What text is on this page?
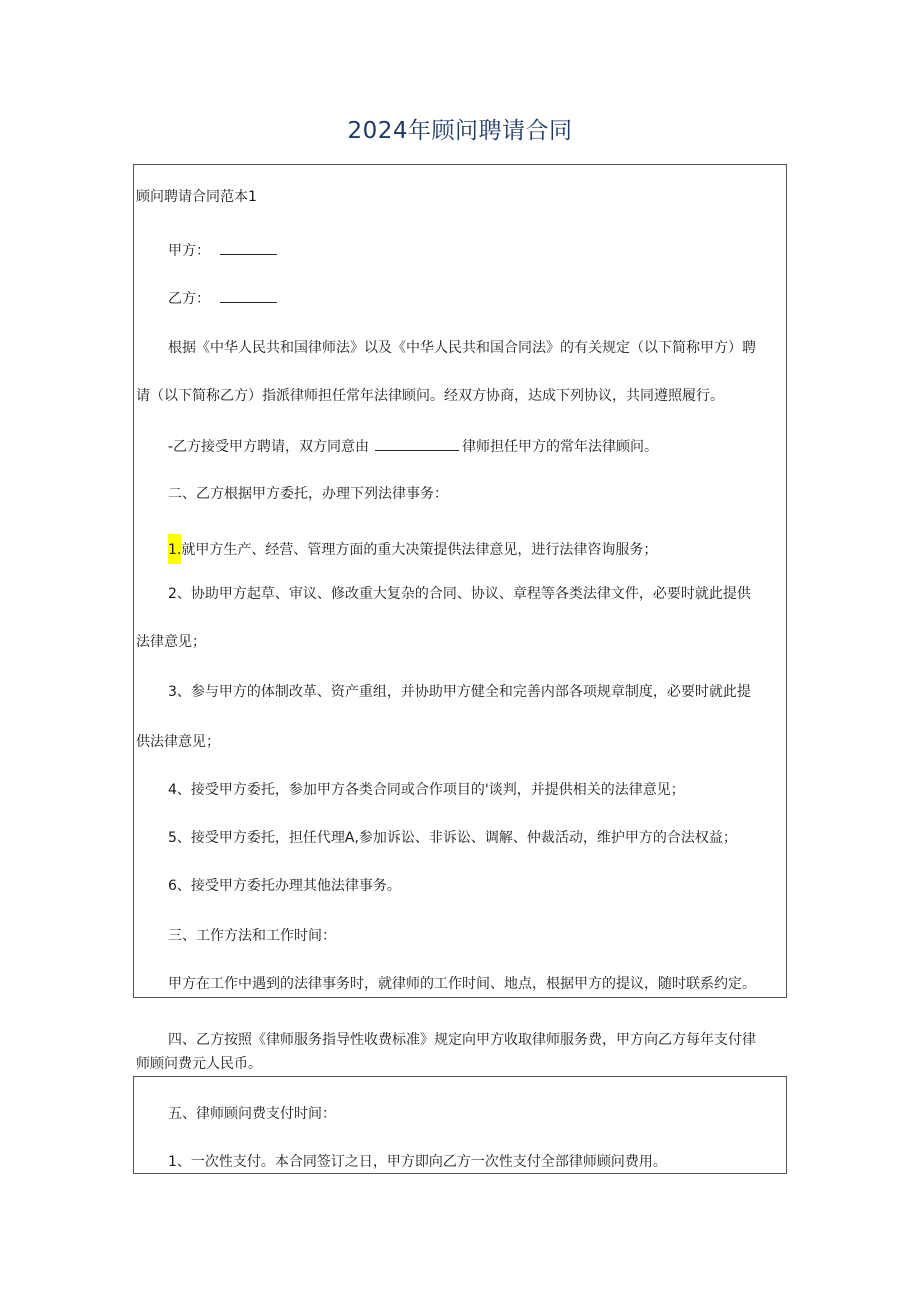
2024年顾问聘请合同
顾问聘请合同范本1
甲方：
乙方：
根据《中华人民共和国律师法》以及《中华人民共和国合同法》的有关规定（以下简称甲方）聘
请（以下简称乙方）指派律师担任常年法律顾问。经双方协商，达成下列协议，共同遵照履行。
-乙方接受甲方聘请，双方同意由	律师担任甲方的常年法律顾问。
二、乙方根据甲方委托，办理下列法律事务：
1.就甲方生产、经营、管理方面的重大决策提供法律意见，进行法律咨询服务；
2、协助甲方起草、审议、修改重大复杂的合同、协议、章程等各类法律文件，必要时就此提供
法律意见；
3、参与甲方的体制改革、资产重组，并协助甲方健全和完善内部各项规章制度，必要时就此提
供法律意见；
4、接受甲方委托，参加甲方各类合同或合作项目的'谈判，并提供相关的法律意见；
5、接受甲方委托，担任代理A,参加诉讼、非诉讼、调解、仲裁活动，维护甲方的合法权益；
6、接受甲方委托办理其他法律事务。
三、工作方法和工作时间：
甲方在工作中遇到的法律事务时，就律师的工作时间、地点，根据甲方的提议，随时联系约定。
四、乙方按照《律师服务指导性收费标准》规定向甲方收取律师服务费，甲方向乙方每年支付律
师顾问费元人民币。
五、律师顾问费支付时间：
1、一次性支付。本合同签订之日，甲方即向乙方一次性支付全部律师顾问费用。
